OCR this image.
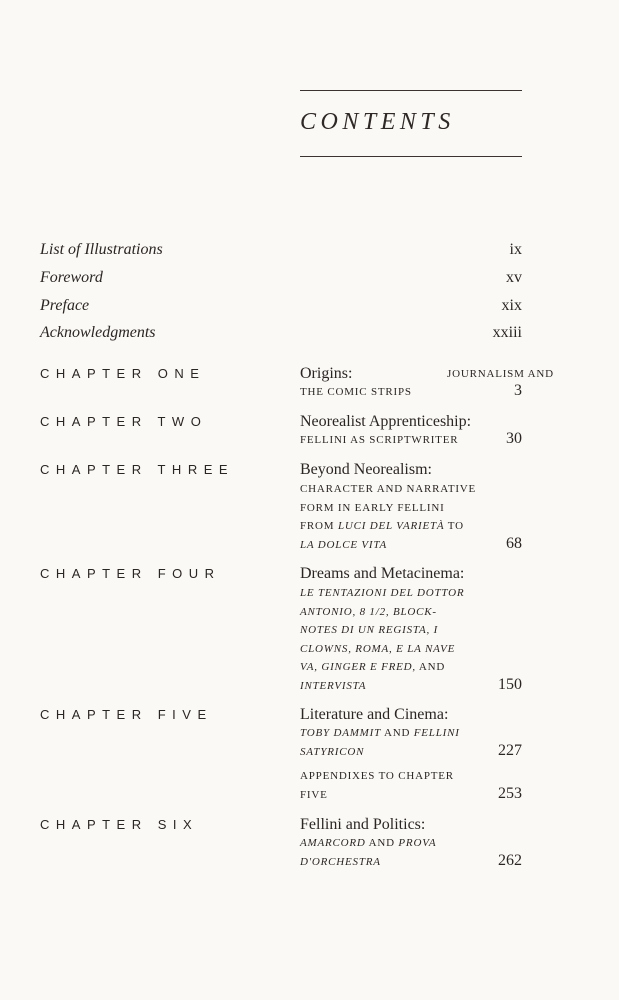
CONTENTS
List of Illustrations	ix
Foreword	xv
Preface	xix
Acknowledgments	xxiii
CHAPTER ONE	Origins:	JOURNALISM AND
THE COMIC STRIPS	3
CHAPTER TWO	Neorealist Apprenticeship:
FELLINI AS SCRIPTWRITER	30
CHAPTER THREE	Beyond Neorealism:
CHARACTER AND NARRATIVE
FORM IN EARLY FELLINI
FROM LUCI DEL VARIETÀ TO
LA DOLCE VITA	68
CHAPTER FOUR	Dreams and Metacinema:
LE TENTAZIONI DEL DOTTOR
ANTONIO, 8 1/2, BLOCK-
NOTES DI UN REGISTA, I
CLOWNS, ROMA, E LA NAVE
VA, GINGER E FRED, AND
INTERVISTA	150
CHAPTER FIVE	Literature and Cinema:
TOBY DAMMIT AND FELLINI
SATYRICON	227
APPENDIXES TO CHAPTER
FIVE	253
CHAPTER SIX	Fellini and Politics:
AMARCORD AND PROVA
D'ORCHESTRA	262
